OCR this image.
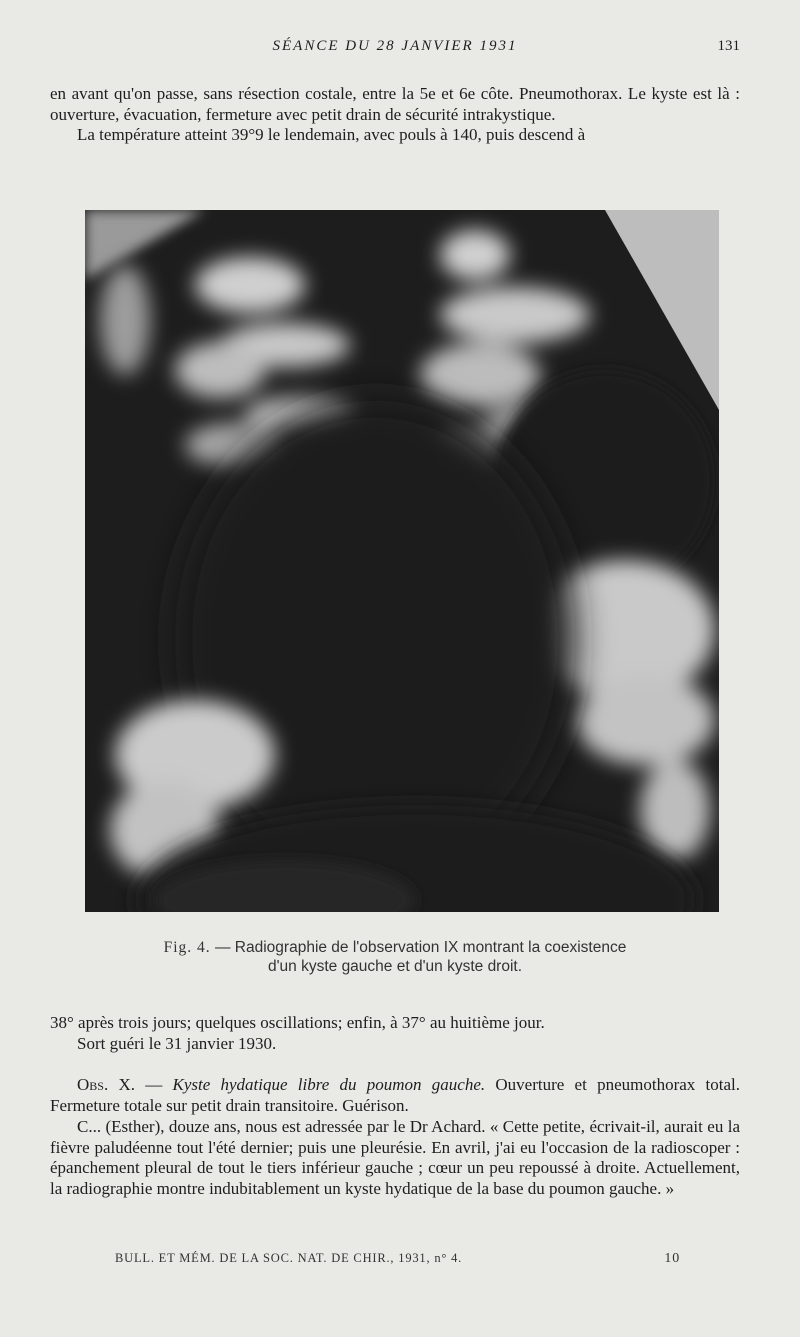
SÉANCE DU 28 JANVIER 1931	131

en avant qu'on passe, sans résection costale, entre la 5e et 6e côte. Pneumothorax. Le kyste est là : ouverture, évacuation, fermeture avec petit drain de sécurité intrakystique.

La température atteint 39°9 le lendemain, avec pouls à 140, puis descend à

Fig. 4. — Radiographie de l'observation IX montrant la coexistence
d'un kyste gauche et d'un kyste droit.

38° après trois jours; quelques oscillations; enfin, à 37° au huitième jour.

Sort guéri le 31 janvier 1930.

Obs. X. — Kyste hydatique libre du poumon gauche. Ouverture et pneumothorax total. Fermeture totale sur petit drain transitoire. Guérison.

C... (Esther), douze ans, nous est adressée par le Dr Achard. « Cette petite, écrivait-il, aurait eu la fièvre paludéenne tout l'été dernier; puis une pleurésie. En avril, j'ai eu l'occasion de la radioscoper : épanchement pleural de tout le tiers inférieur gauche ; cœur un peu repoussé à droite. Actuellement, la radiographie montre indubitablement un kyste hydatique de la base du poumon gauche. »

BULL. ET MÉM. DE LA SOC. NAT. DE CHIR., 1931, n° 4.	10
